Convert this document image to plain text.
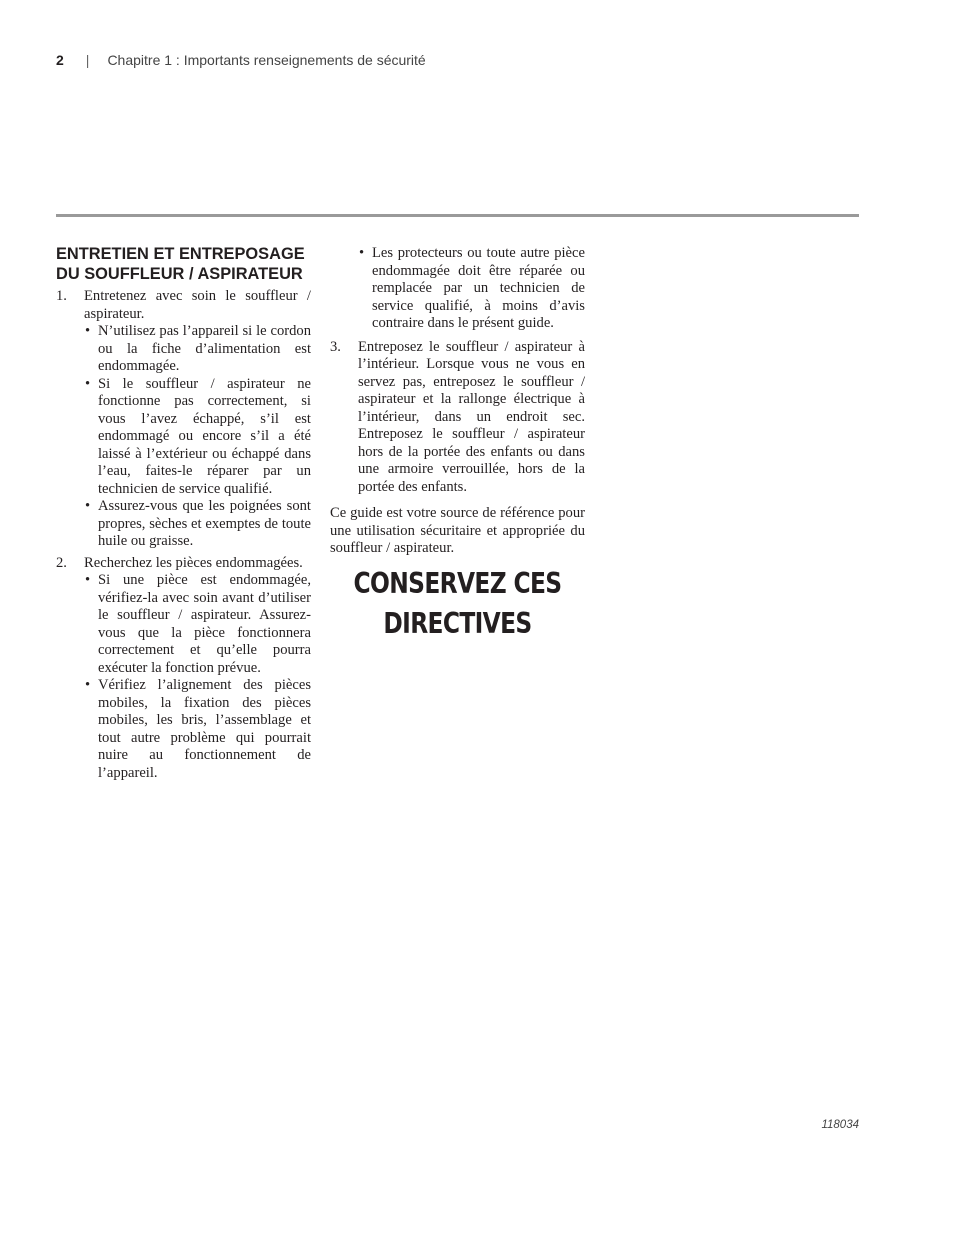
2 | Chapitre 1 : Importants renseignements de sécurité
ENTRETIEN ET ENTREPOSAGE DU SOUFFLEUR / ASPIRATEUR
1. Entretenez avec soin le souffleur / aspirateur.
• N’utilisez pas l’appareil si le cordon ou la fiche d’alimentation est endommagée.
• Si le souffleur / aspirateur ne fonctionne pas correctement, si vous l’avez échappé, s’il est endommagé ou encore s’il a été laissé à l’extérieur ou échappé dans l’eau, faites-le réparer par un technicien de service qualifié.
• Assurez-vous que les poignées sont propres, sèches et exemptes de toute huile ou graisse.
2. Recherchez les pièces endommagées.
• Si une pièce est endommagée, vérifiez-la avec soin avant d’utiliser le souffleur / aspirateur. Assurez-vous que la pièce fonctionnera correctement et qu’elle pourra exécuter la fonction prévue.
• Vérifiez l’alignement des pièces mobiles, la fixation des pièces mobiles, les bris, l’assemblage et tout autre problème qui pourrait nuire au fonctionnement de l’appareil.
• Les protecteurs ou toute autre pièce endommagée doit être réparée ou remplacée par un technicien de service qualifié, à moins d’avis contraire dans le présent guide.
3. Entreposez le souffleur / aspirateur à l’intérieur. Lorsque vous ne vous en servez pas, entreposez le souffleur / aspirateur et la rallonge électrique à l’intérieur, dans un endroit sec. Entreposez le souffleur / aspirateur hors de la portée des enfants ou dans une armoire verrouillée, hors de la portée des enfants.
Ce guide est votre source de référence pour une utilisation sécuritaire et appropriée du souffleur / aspirateur.
CONSERVEZ CES
DIRECTIVES
118034
